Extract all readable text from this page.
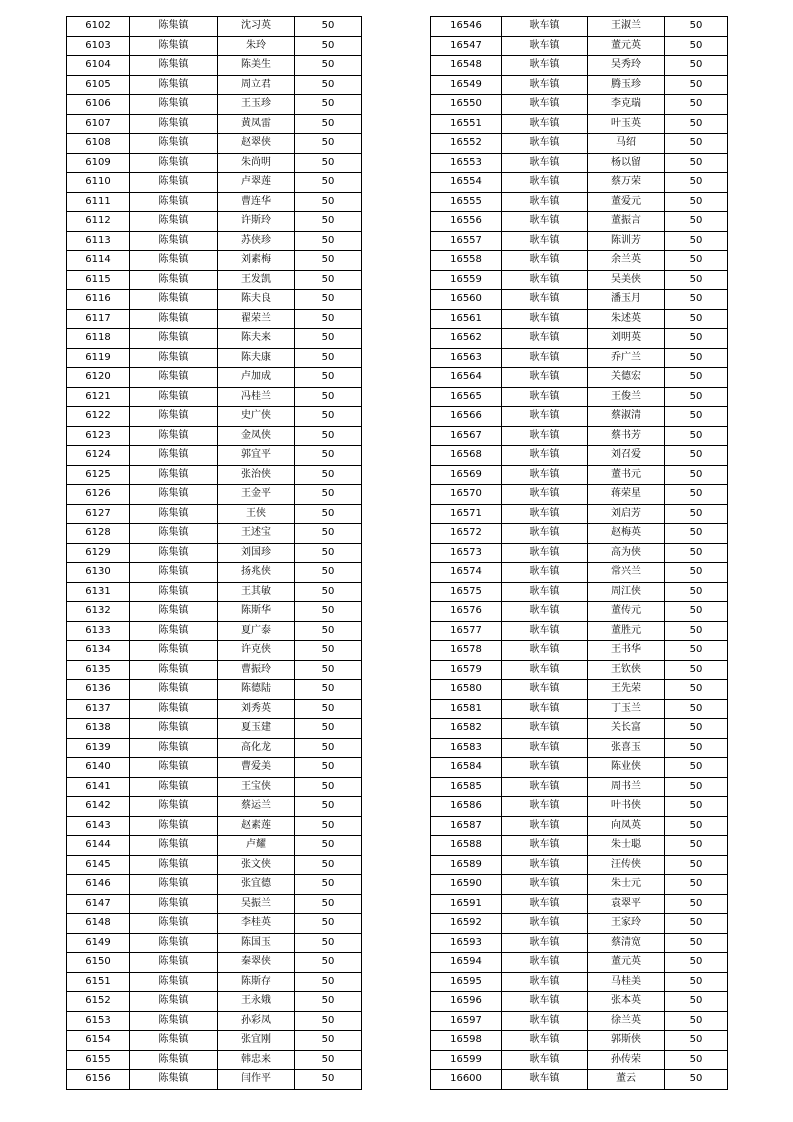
6102	陈集镇	沈习英	50
6103	陈集镇	朱玲	50
6104	陈集镇	陈美生	50
6105	陈集镇	周立君	50
6106	陈集镇	王玉珍	50
6107	陈集镇	黄凤雷	50
6108	陈集镇	赵翠侠	50
6109	陈集镇	朱尚明	50
6110	陈集镇	卢翠莲	50
6111	陈集镇	曹连华	50
6112	陈集镇	许斯玲	50
6113	陈集镇	苏侠珍	50
6114	陈集镇	刘素梅	50
6115	陈集镇	王发凯	50
6116	陈集镇	陈夫良	50
6117	陈集镇	翟荣兰	50
6118	陈集镇	陈夫来	50
6119	陈集镇	陈夫康	50
6120	陈集镇	卢加成	50
6121	陈集镇	冯桂兰	50
6122	陈集镇	史广侠	50
6123	陈集镇	金凤侠	50
6124	陈集镇	郭宜平	50
6125	陈集镇	张治侠	50
6126	陈集镇	王金平	50
6127	陈集镇	王侠	50
6128	陈集镇	王述宝	50
6129	陈集镇	刘国珍	50
6130	陈集镇	扬兆侠	50
6131	陈集镇	王其敏	50
6132	陈集镇	陈斯华	50
6133	陈集镇	夏广泰	50
6134	陈集镇	许克侠	50
6135	陈集镇	曹振玲	50
6136	陈集镇	陈德陆	50
6137	陈集镇	刘秀英	50
6138	陈集镇	夏玉建	50
6139	陈集镇	高化龙	50
6140	陈集镇	曹爱美	50
6141	陈集镇	王宝侠	50
6142	陈集镇	蔡运兰	50
6143	陈集镇	赵素莲	50
6144	陈集镇	卢耀	50
6145	陈集镇	张文侠	50
6146	陈集镇	张宜德	50
6147	陈集镇	吴振兰	50
6148	陈集镇	李桂英	50
6149	陈集镇	陈国玉	50
6150	陈集镇	秦翠侠	50
6151	陈集镇	陈斯存	50
6152	陈集镇	王永娥	50
6153	陈集镇	孙彩凤	50
6154	陈集镇	张宜刚	50
6155	陈集镇	韩忠来	50
6156	陈集镇	闫作平	50
16546	耿车镇	王淑兰	50
16547	耿车镇	董元英	50
16548	耿车镇	吴秀玲	50
16549	耿车镇	腾玉珍	50
16550	耿车镇	李克瑞	50
16551	耿车镇	叶玉英	50
16552	耿车镇	马绍	50
16553	耿车镇	杨以留	50
16554	耿车镇	蔡万荣	50
16555	耿车镇	董爱元	50
16556	耿车镇	董振言	50
16557	耿车镇	陈训芳	50
16558	耿车镇	余兰英	50
16559	耿车镇	吴美侠	50
16560	耿车镇	潘玉月	50
16561	耿车镇	朱述英	50
16562	耿车镇	刘明英	50
16563	耿车镇	乔广兰	50
16564	耿车镇	关德宏	50
16565	耿车镇	王俊兰	50
16566	耿车镇	蔡淑清	50
16567	耿车镇	蔡书芳	50
16568	耿车镇	刘召爱	50
16569	耿车镇	董书元	50
16570	耿车镇	蒋荣星	50
16571	耿车镇	刘启芳	50
16572	耿车镇	赵梅英	50
16573	耿车镇	高为侠	50
16574	耿车镇	常兴兰	50
16575	耿车镇	周江侠	50
16576	耿车镇	董传元	50
16577	耿车镇	董胜元	50
16578	耿车镇	王书华	50
16579	耿车镇	王钦侠	50
16580	耿车镇	王先荣	50
16581	耿车镇	丁玉兰	50
16582	耿车镇	关长富	50
16583	耿车镇	张喜玉	50
16584	耿车镇	陈业侠	50
16585	耿车镇	周书兰	50
16586	耿车镇	叶书侠	50
16587	耿车镇	向凤英	50
16588	耿车镇	朱士聪	50
16589	耿车镇	汪传侠	50
16590	耿车镇	朱士元	50
16591	耿车镇	袁翠平	50
16592	耿车镇	王家玲	50
16593	耿车镇	蔡清宽	50
16594	耿车镇	董元英	50
16595	耿车镇	马桂美	50
16596	耿车镇	张本英	50
16597	耿车镇	徐兰英	50
16598	耿车镇	郭斯侠	50
16599	耿车镇	孙传荣	50
16600	耿车镇	董云	50
